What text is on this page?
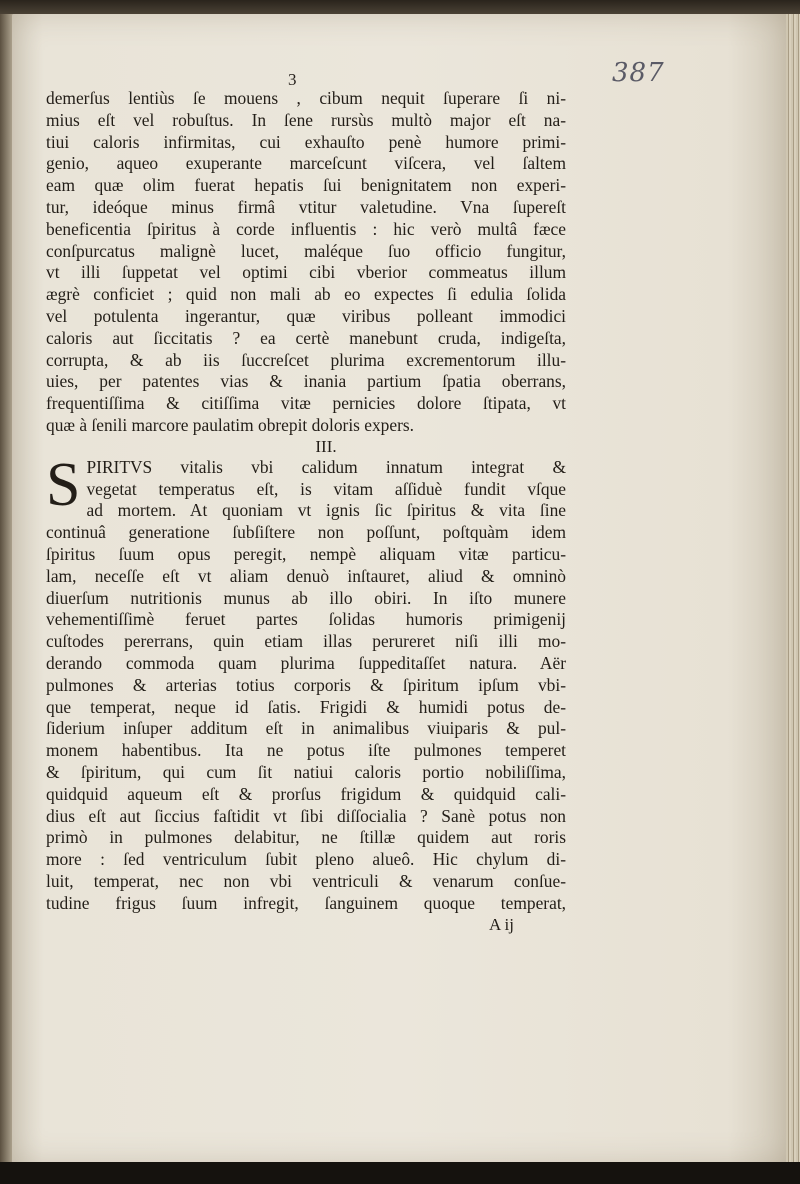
387
3
demerſus lentiùs ſe mouens , cibum nequit ſuperare ſi ni-
mius eſt vel robuſtus. In ſene rursùs multò major eſt na-
tiui caloris infirmitas, cui exhauſto penè humore primi-
genio, aqueo exuperante marceſcunt viſcera, vel ſaltem
eam quæ olim fuerat hepatis ſui benignitatem non experi-
tur, ideóque minus firmâ vtitur valetudine. Vna ſupereſt
beneficentia ſpiritus à corde influentis : hic verò multâ fæce
conſpurcatus malignè lucet, maléque ſuo officio fungitur,
vt illi ſuppetat vel optimi cibi vberior commeatus illum
ægrè conficiet ; quid non mali ab eo expectes ſi edulia ſolida
vel potulenta ingerantur, quæ viribus polleant immodici
caloris aut ſiccitatis ? ea certè manebunt cruda, indigeſta,
corrupta, & ab iis ſuccreſcet plurima excrementorum illu-
uies, per patentes vias & inania partium ſpatia oberrans,
frequentiſſima & citiſſima vitæ pernicies dolore ſtipata, vt
quæ à ſenili marcore paulatim obrepit doloris expers.
III.
S PIRITVS vitalis vbi calidum innatum integrat &
vegetat temperatus eſt, is vitam aſſiduè fundit vſque
ad mortem. At quoniam vt ignis ſic ſpiritus & vita ſine
continuâ generatione ſubſiſtere non poſſunt, poſtquàm idem
ſpiritus ſuum opus peregit, nempè aliquam vitæ particu-
lam, neceſſe eſt vt aliam denuò inſtauret, aliud & omninò
diuerſum nutritionis munus ab illo obiri. In iſto munere
vehementiſſimè feruet partes ſolidas humoris primigenij
cuſtodes pererrans, quin etiam illas perureret niſi illi mo-
derando commoda quam plurima ſuppeditaſſet natura. Aër
pulmones & arterias totius corporis & ſpiritum ipſum vbi-
que temperat, neque id ſatis. Frigidi & humidi potus de-
ſiderium inſuper additum eſt in animalibus viuiparis & pul-
monem habentibus. Ita ne potus iſte pulmones temperet
& ſpiritum, qui cum ſit natiui caloris portio nobiliſſima,
quidquid aqueum eſt & prorſus frigidum & quidquid cali-
dius eſt aut ſiccius faſtidit vt ſibi diſſocialia ? Sanè potus non
primò in pulmones delabitur, ne ſtillæ quidem aut roris
more : ſed ventriculum ſubit pleno alueô. Hic chylum di-
luit, temperat, nec non vbi ventriculi & venarum conſue-
tudine frigus ſuum infregit, ſanguinem quoque temperat,
A ij
